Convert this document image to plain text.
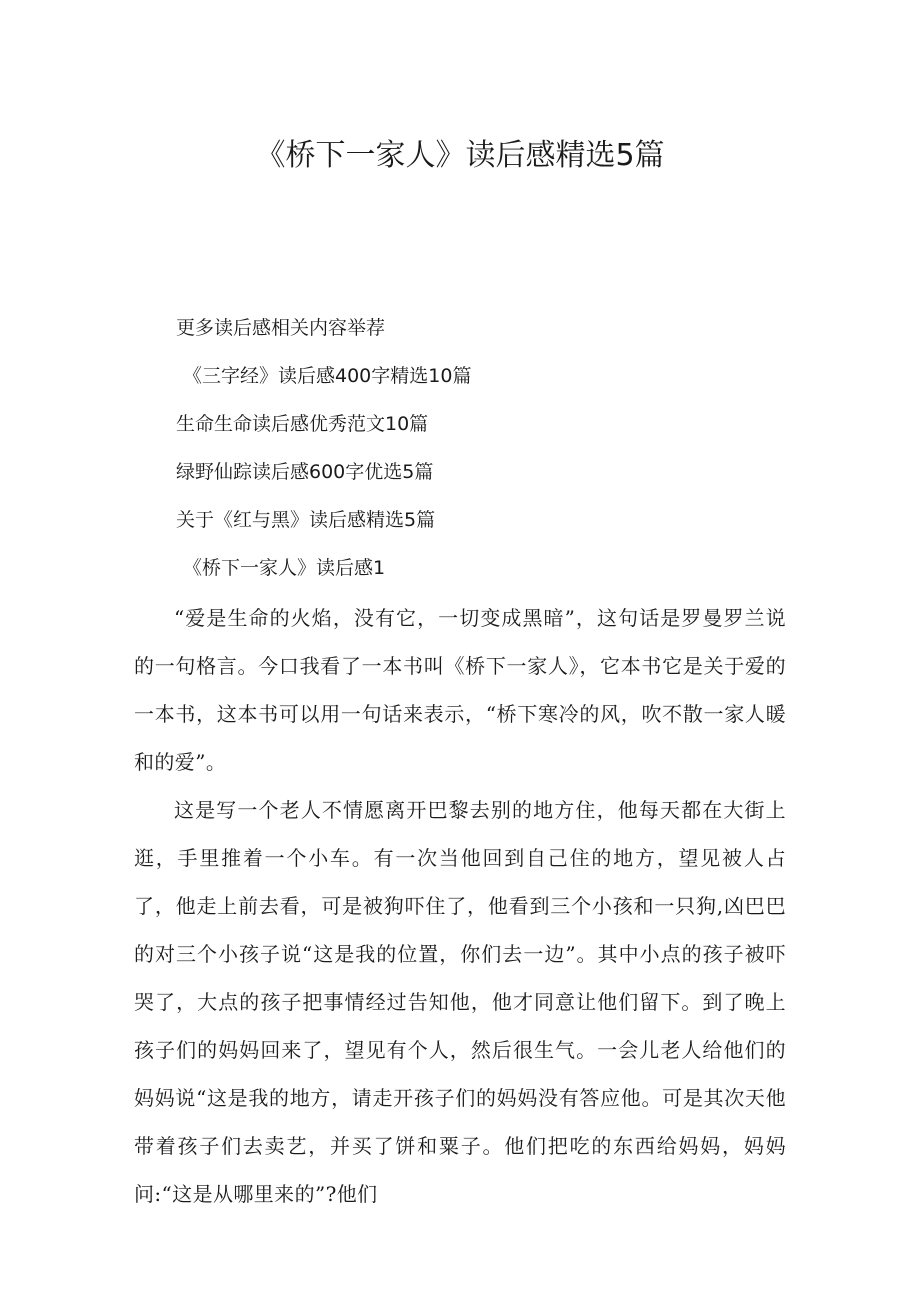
《桥下一家人》读后感精选5篇
更多读后感相关内容举荐
《三字经》读后感400字精选10篇
生命生命读后感优秀范文10篇
绿野仙踪读后感600字优选5篇
关于《红与黑》读后感精选5篇
《桥下一家人》读后感1

“爱是生命的火焰，没有它，一切变成黑暗”，这句话是罗曼罗兰说的一句格言。今口我看了一本书叫《桥下一家人》，它本书它是关于爱的一本书，这本书可以用一句话来表示，“桥下寒冷的风，吹不散一家人暖和的爱”。

这是写一个老人不情愿离开巴黎去别的地方住，他每天都在大街上逛，手里推着一个小车。有一次当他回到自己住的地方，望见被人占了，他走上前去看，可是被狗吓住了，他看到三个小孩和一只狗,凶巴巴的对三个小孩子说“这是我的位置，你们去一边”。其中小点的孩子被吓哭了，大点的孩子把事情经过告知他，他才同意让他们留下。到了晚上孩子们的妈妈回来了，望见有个人，然后很生气。一会儿老人给他们的妈妈说“这是我的地方，请走开孩子们的妈妈没有答应他。可是其次天他带着孩子们去卖艺，并买了饼和粟子。他们把吃的东西给妈妈，妈妈问:“这是从哪里来的”?他们
